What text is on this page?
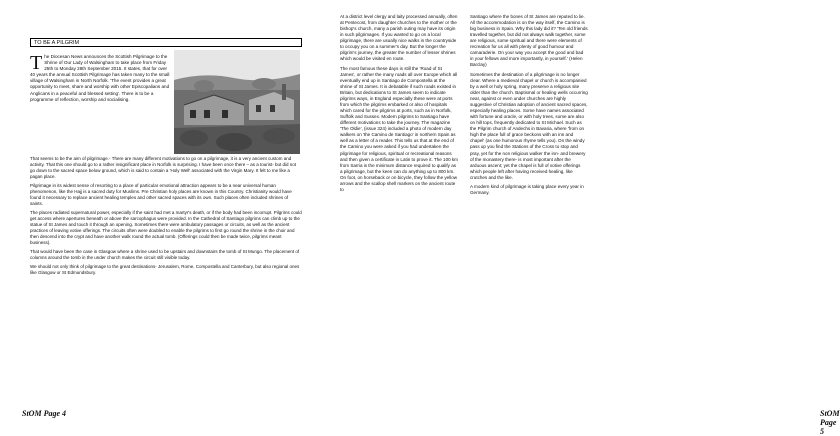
TO BE A PILGRIM
The Diocesan News announces the Scottish Pilgrimage to the Shrine of Our Lady of Walsingham to take place from Friday 25th to Monday 28th September 2015. It states, that for over 40 years the annual Scottish Pilgrimage has taken many to the small village of Walsingham in North Norfolk. 'The event provides a great opportunity to meet, share and worship with other Episcopalians and Anglicans in a peaceful and blessed setting'. There is to be a programme of reflection, worship and socialising.

That seems to be the aim of pilgrimage.- There are many different motivations to go on a pilgrimage, it is a very ancient custom and activity. That this one should go to a rather insignificant place in Norfolk is surprising. I have been once there – as a tourist- but did not go down to the sacred space below ground, which is said to contain a 'Holy Well' associated with the Virgin Mary. It felt to me like a pagan place.

Pilgrimage in its widest sense of resorting to a place of particular emotional attraction appears to be a near universal human phenomenon, like the Hajj is a sacred duty for Muslims. Pre Christian holy places are known in this Country. Christianity would have found it necessary to replace ancient healing temples and other sacred spaces with its own. Such places often included shrines of saints.

The places radiated supernatural power, especially if the saint had met a martyr's death, or if the body had been incorrupt. Pilgrims could get access where apertures beneath or above the sarcophagus were provided. In the Cathedral of Santiago pilgrims can climb up to the statue of St James and touch it through an opening. Sometimes there were ambulatory passages or circuits, as well as the ancient practices of leaving votive offerings. The circuits often were doubled to enable the pilgrims to first go round the shrine in the choir and then descend into the crypt and have another walk round the actual tomb. (Offerings could then be made twice, pilgrims meant business).

That would have been the case in Glasgow where a shrine used to be upstairs and downstairs the tomb of St Mungo. The placement of columns around the tomb in the under church makes the circuit still visible today.

We should not only think of pilgrimage to the great destinations- Jerusalem, Rome, Compostella and Canterbury, but also regional ones like Glasgow or St Edmundsbury.

StOM Page 4

At a district level clergy and laity processed annually, often at Pentecost, from daughter churches to the mother or the bishop's church, many a parish outing may have its origin in such pilgrimages. If you wanted to go on a local pilgrimage, there are usually nice walks in the countryside to occupy you on a summer's day. But the longer the pilgrim's journey, the greater the number of lesser shrines which would be visited en route.

The most famous these days is still the 'Road of St James', or rather the many roads all over Europe which all eventually end up in Santiago de Compostella at the shrine of St James. It is debatable if such roads existed in Britain, but dedications to St James seem to indicate pilgrims ways, in England especially these were at ports from which the pilgrims embarked or also of hospitals which cared for the pilgrims at ports, such as in Norfolk, Suffolk and Sussex. Modern pilgrims to Santiago have different motivations to take the journey. The magazine 'The Oldie', (issue 324) included a photo of modern day walkers on 'the Camino de Santiago' in northern Spain as well as a letter of a reader. This tells us that at the end of the Camino you were asked if you had undertaken the pilgrimage for religious, spiritual or recreational reasons and then given a certificate in Latin to prove it. The 100 km from Sarria is the minimum distance required to qualify as a pilgrimage, but the keen can do anything up to 800 km. On foot, on horseback or on bicycle, they follow the yellow arrows and the scallop shell markers on the ancient route to

Santiago where the bones of St James are reputed to lie. All the accommodation is on the way itself, the Camino is big business in Spain. Why this lady did it? 'Ten old friends travelled together, but did not always walk together, some are religious, some spiritual and there were elements of recreation for us all with plenty of good humour and camaraderie. On your way you accept the good and bad in your fellows and more importantly, in yourself.' (Helen Barclay)

Sometimes the destination of a pilgrimage is no longer clear. Where a medieval chapel or church is accompanied by a well or holy spring, many preserve a religious site older than the church. Baptismal or healing wells occurring near, against or even under churches are highly suggestive of Christian adoption of ancient sacred spaces, especially healing places. Some have names associated with fortune and oracle, or with holy trees, some are also on hill tops, frequently dedicated to St Michael. Such as the Pilgrim church of Andechs in Bavaria, where 'from on high the place full of grace beckons with an inn and chapel' (as one humorous rhyme tells you). On the windy pass up you find the Stations of the Cross to stop and pray, yet for the non religious walker the inn- and brewery of the monastery there- is most important after the arduous ascent; yet the chapel is full of votive offerings which people left after having received healing, like crutches and the like.

A modern kind of pilgrimage is taking place every year in Germany.

StOM Page 5
